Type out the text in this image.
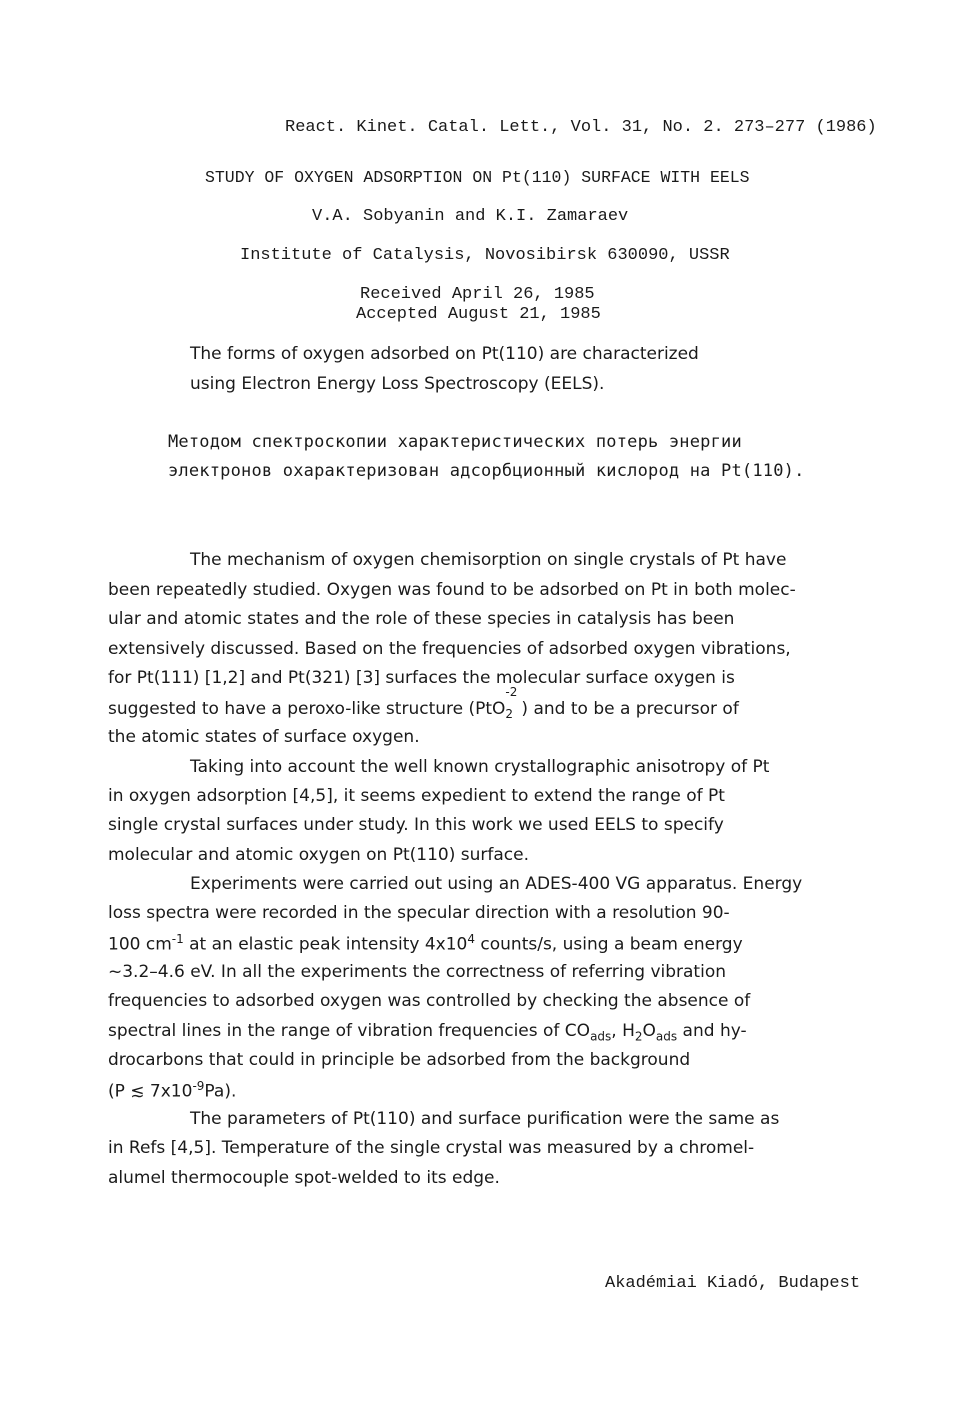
React. Kinet. Catal. Lett., Vol. 31, No. 2. 273–277 (1986)
STUDY OF OXYGEN ADSORPTION ON Pt(110) SURFACE WITH EELS
V.A. Sobyanin and K.I. Zamaraev
Institute of Catalysis, Novosibirsk 630090, USSR
Received April 26, 1985
Accepted August 21, 1985
The forms of oxygen adsorbed on Pt(110) are characterized
using Electron Energy Loss Spectroscopy (EELS).
Методом спектроскопии характеристических потерь энергии
электронов охарактеризован адсорбционный кислород на Pt(110).
The mechanism of oxygen chemisorption on single crystals of Pt have
been repeatedly studied. Oxygen was found to be adsorbed on Pt in both molec-
ular and atomic states and the role of these species in catalysis has been
extensively discussed. Based on the frequencies of adsorbed oxygen vibrations,
for Pt(111) [1,2] and Pt(321) [3] surfaces the molecular surface oxygen is
suggested to have a peroxo-like structure (PtO
-2
2 ) and to be a precursor of
the atomic states of surface oxygen.
Taking into account the well known crystallographic anisotropy of Pt
in oxygen adsorption [4,5], it seems expedient to extend the range of Pt
single crystal surfaces under study. In this work we used EELS to specify
molecular and atomic oxygen on Pt(110) surface.
Experiments were carried out using an ADES-400 VG apparatus. Energy
loss spectra were recorded in the specular direction with a resolution 90-
100 $cm^{-1}$ at an elastic peak intensity $4x10^4$ counts/s, using a beam energy
~3.2–4.6 eV. In all the experiments the correctness of referring vibration
frequencies to adsorbed oxygen was controlled by checking the absence of
spectral lines in the range of vibration frequencies of $CO_{ads}$, $H_2O_{ads}$ and hy-
drocarbons that could in principle be adsorbed from the background
(P ≲ $7x10^{-9}Pa$).
The parameters of Pt(110) and surface purification were the same as
in Refs [4,5]. Temperature of the single crystal was measured by a chromel-
alumel thermocouple spot-welded to its edge.
Akadémiai Kiadó, Budapest
